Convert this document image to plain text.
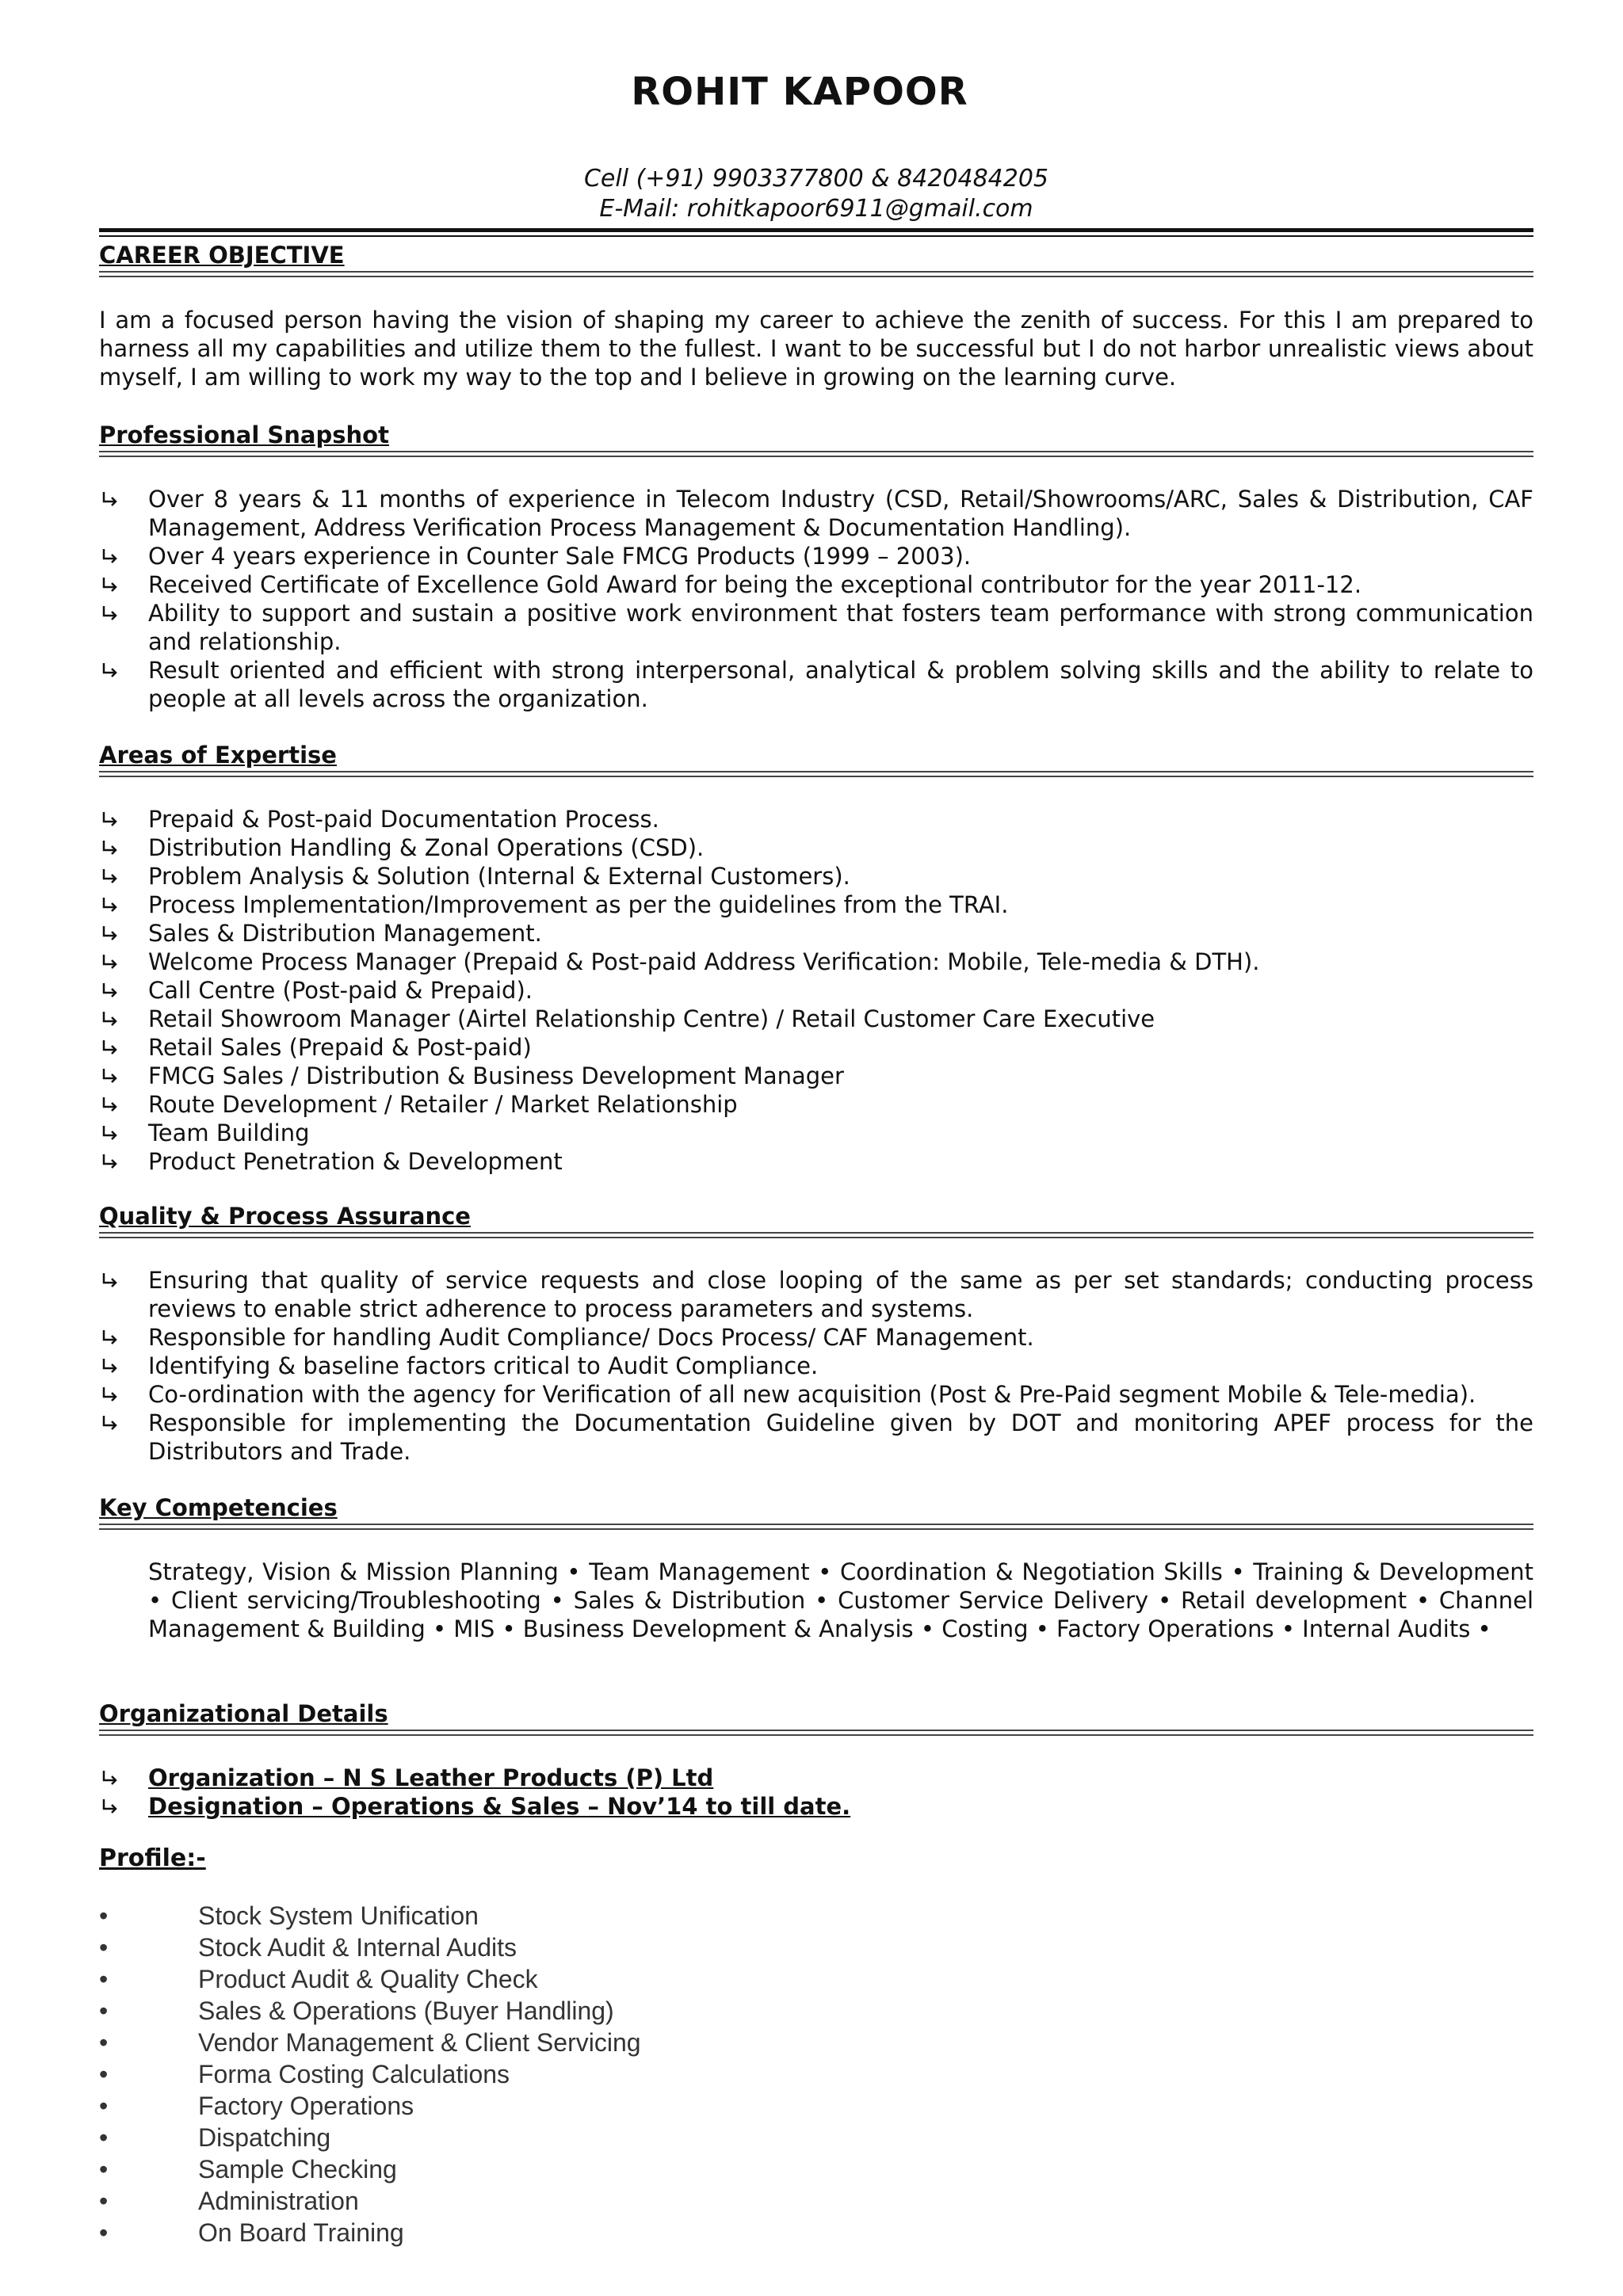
ROHIT KAPOOR
Cell (+91) 9903377800 & 8420484205
E-Mail: rohitkapoor6911@gmail.com
CAREER OBJECTIVE
I am a focused person having the vision of shaping my career to achieve the zenith of success. For this I am prepared to harness all my capabilities and utilize them to the fullest. I want to be successful but I do not harbor unrealistic views about myself, I am willing to work my way to the top and I believe in growing on the learning curve.
Professional Snapshot
Over 8 years & 11 months of experience in Telecom Industry (CSD, Retail/Showrooms/ARC, Sales & Distribution, CAF Management, Address Verification Process Management & Documentation Handling).
Over 4 years experience in Counter Sale FMCG Products (1999 – 2003).
Received Certificate of Excellence Gold Award for being the exceptional contributor for the year 2011-12.
Ability to support and sustain a positive work environment that fosters team performance with strong communication and relationship.
Result oriented and efficient with strong interpersonal, analytical & problem solving skills and the ability to relate to people at all levels across the organization.
Areas of Expertise
Prepaid & Post-paid Documentation Process.
Distribution Handling & Zonal Operations (CSD).
Problem Analysis & Solution (Internal & External Customers).
Process Implementation/Improvement as per the guidelines from the TRAI.
Sales & Distribution Management.
Welcome Process Manager (Prepaid & Post-paid Address Verification: Mobile, Tele-media & DTH).
Call Centre (Post-paid & Prepaid).
Retail Showroom Manager (Airtel Relationship Centre) / Retail Customer Care Executive
Retail Sales (Prepaid & Post-paid)
FMCG Sales / Distribution & Business Development Manager
Route Development / Retailer / Market Relationship
Team Building
Product Penetration & Development
Quality & Process Assurance
Ensuring that quality of service requests and close looping of the same as per set standards; conducting process reviews to enable strict adherence to process parameters and systems.
Responsible for handling Audit Compliance/ Docs Process/ CAF Management.
Identifying & baseline factors critical to Audit Compliance.
Co-ordination with the agency for Verification of all new acquisition (Post & Pre-Paid segment Mobile & Tele-media).
Responsible for implementing the Documentation Guideline given by DOT and monitoring APEF process for the Distributors and Trade.
Key Competencies
Strategy, Vision & Mission Planning • Team Management • Coordination & Negotiation Skills • Training & Development • Client servicing/Troubleshooting • Sales & Distribution • Customer Service Delivery • Retail development • Channel Management & Building • MIS • Business Development & Analysis • Costing • Factory Operations • Internal Audits •
Organizational Details
Organization – N S Leather Products (P) Ltd
Designation – Operations & Sales – Nov’14 to till date.
Profile:-
•	Stock System Unification
•	Stock Audit & Internal Audits
•	Product Audit & Quality Check
•	Sales & Operations (Buyer Handling)
•	Vendor Management & Client Servicing
•	Forma Costing Calculations
•	Factory Operations
•	Dispatching
•	Sample Checking
•	Administration
•	On Board Training
